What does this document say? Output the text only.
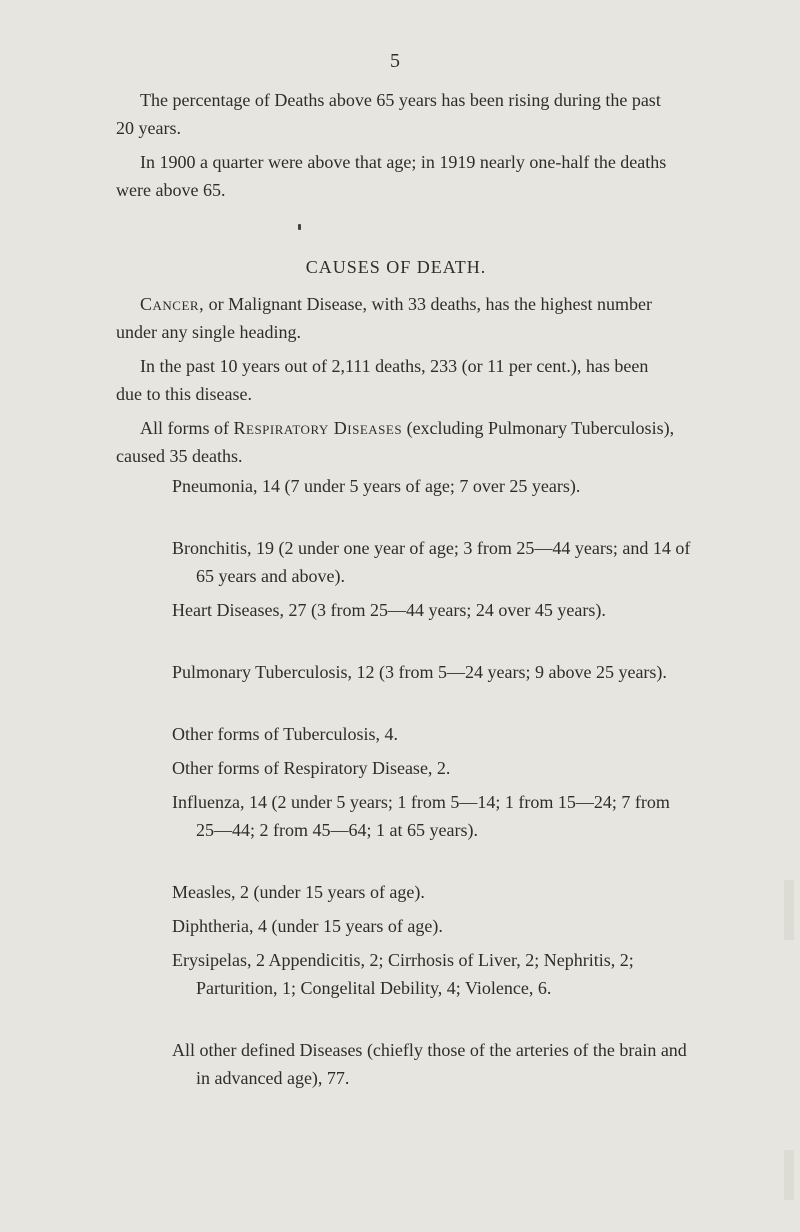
5

The percentage of Deaths above 65 years has been rising during the past 20 years.

In 1900 a quarter were above that age; in 1919 nearly one-half the deaths were above 65.

CAUSES OF DEATH.

Cancer, or Malignant Disease, with 33 deaths, has the highest number under any single heading.

In the past 10 years out of 2,111 deaths, 233 (or 11 per cent.), has been due to this disease.

All forms of Respiratory Diseases (excluding Pulmonary Tuberculosis), caused 35 deaths.

Pneumonia, 14 (7 under 5 years of age; 7 over 25 years).

Bronchitis, 19 (2 under one year of age; 3 from 25—44 years; and 14 of 65 years and above).

Heart Diseases, 27 (3 from 25—44 years; 24 over 45 years).

Pulmonary Tuberculosis, 12 (3 from 5—24 years; 9 above 25 years).

Other forms of Tuberculosis, 4.

Other forms of Respiratory Disease, 2.

Influenza, 14 (2 under 5 years; 1 from 5—14; 1 from 15—24; 7 from 25—44; 2 from 45—64; 1 at 65 years).

Measles, 2 (under 15 years of age).

Diphtheria, 4 (under 15 years of age).

Erysipelas, 2 Appendicitis, 2; Cirrhosis of Liver, 2; Nephritis, 2; Parturition, 1; Congelital Debility, 4; Violence, 6.

All other defined Diseases (chiefly those of the arteries of the brain and in advanced age), 77.
